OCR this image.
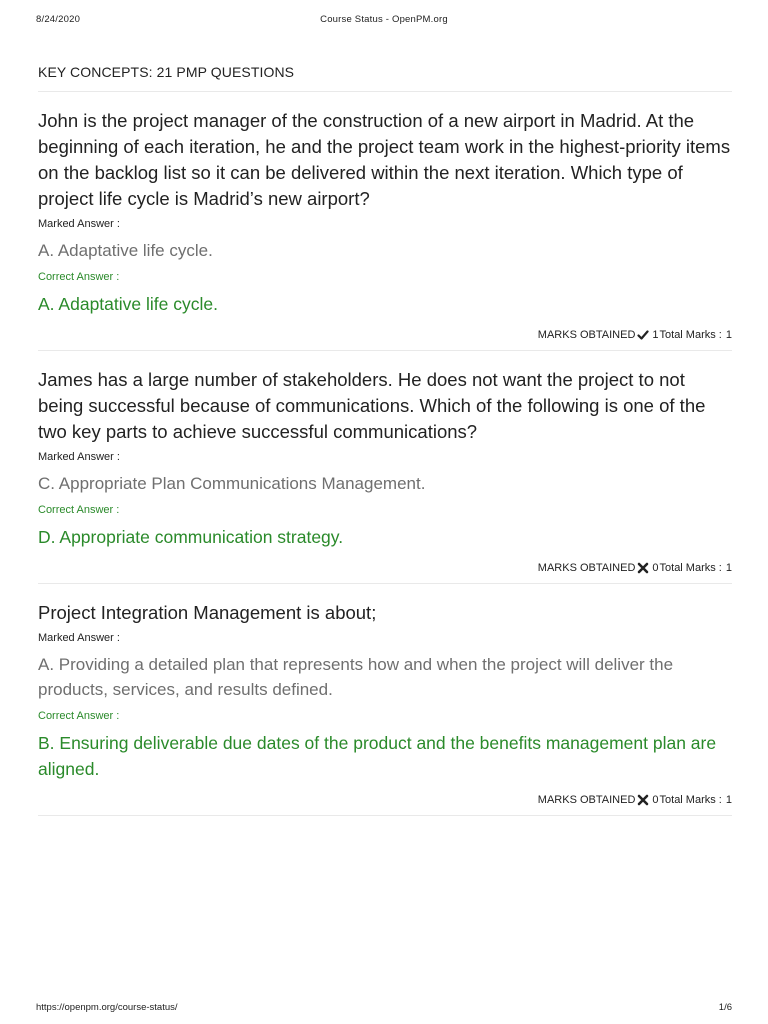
8/24/2020	Course Status - OpenPM.org
KEY CONCEPTS: 21 PMP QUESTIONS

John is the project manager of the construction of a new airport in Madrid. At the beginning of each iteration, he and the project team work in the highest-priority items on the backlog list so it can be delivered within the next iteration. Which type of project life cycle is Madrid’s new airport?

Marked Answer :

A. Adaptative life cycle.

Correct Answer :

A. Adaptative life cycle.

MARKS OBTAINED 1 Total Marks : 1

James has a large number of stakeholders. He does not want the project to not being successful because of communications. Which of the following is one of the two key parts to achieve successful communications?

Marked Answer :

C. Appropriate Plan Communications Management.

Correct Answer :

D. Appropriate communication strategy.

MARKS OBTAINED 0 Total Marks : 1

Project Integration Management is about;

Marked Answer :

A. Providing a detailed plan that represents how and when the project will deliver the products, services, and results defined.

Correct Answer :

B. Ensuring deliverable due dates of the product and the benefits management plan are aligned.

MARKS OBTAINED 0 Total Marks : 1
https://openpm.org/course-status/	1/6
